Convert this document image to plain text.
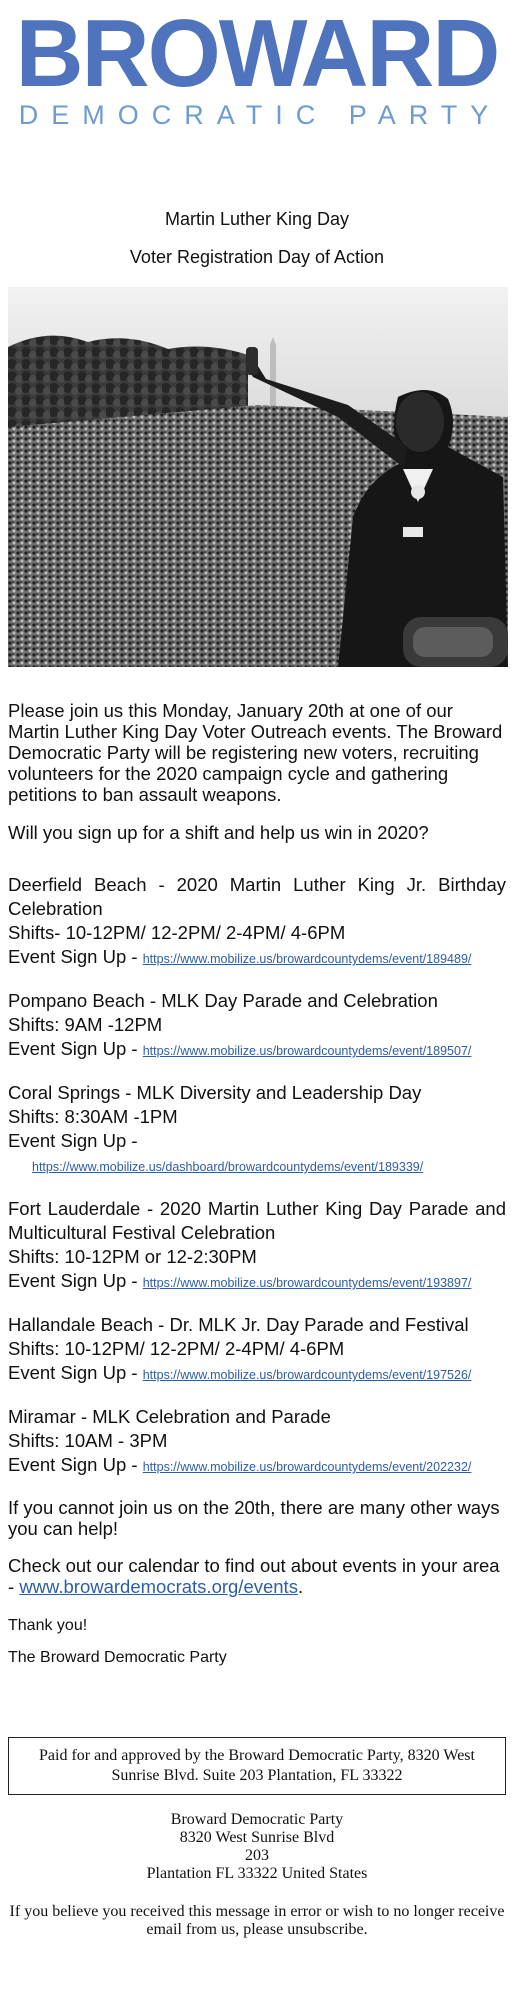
BROWARD
DEMOCRATIC PARTY

Martin Luther King Day

Voter Registration Day of Action

Please join us this Monday, January 20th at one of our Martin Luther King Day Voter Outreach events. The Broward Democratic Party will be registering new voters, recruiting volunteers for the 2020 campaign cycle and gathering petitions to ban assault weapons.

Will you sign up for a shift and help us win in 2020?

Deerfield Beach - 2020 Martin Luther King Jr. Birthday Celebration
Shifts- 10-12PM/ 12-2PM/ 2-4PM/ 4-6PM
Event Sign Up - https://www.mobilize.us/browardcountydems/event/189489/
Pompano Beach - MLK Day Parade and Celebration
Shifts: 9AM -12PM
Event Sign Up - https://www.mobilize.us/browardcountydems/event/189507/
Coral Springs - MLK Diversity and Leadership Day
Shifts: 8:30AM -1PM
Event Sign Up - https://www.mobilize.us/dashboard/browardcountydems/event/189339/
Fort Lauderdale - 2020 Martin Luther King Day Parade and Multicultural Festival Celebration
Shifts: 10-12PM or 12-2:30PM
Event Sign Up - https://www.mobilize.us/browardcountydems/event/193897/
Hallandale Beach - Dr. MLK Jr. Day Parade and Festival
Shifts: 10-12PM/ 12-2PM/ 2-4PM/ 4-6PM
Event Sign Up - https://www.mobilize.us/browardcountydems/event/197526/
Miramar - MLK Celebration and Parade
Shifts: 10AM - 3PM
Event Sign Up - https://www.mobilize.us/browardcountydems/event/202232/
If you cannot join us on the 20th, there are many other ways you can help!
Check out our calendar to find out about events in your area - www.browardemocrats.org/events.
Thank you!
The Broward Democratic Party
Paid for and approved by the Broward Democratic Party, 8320 West Sunrise Blvd. Suite 203 Plantation, FL 33322
Broward Democratic Party
8320 West Sunrise Blvd
203
Plantation FL 33322 United States
If you believe you received this message in error or wish to no longer receive email from us, please unsubscribe.
